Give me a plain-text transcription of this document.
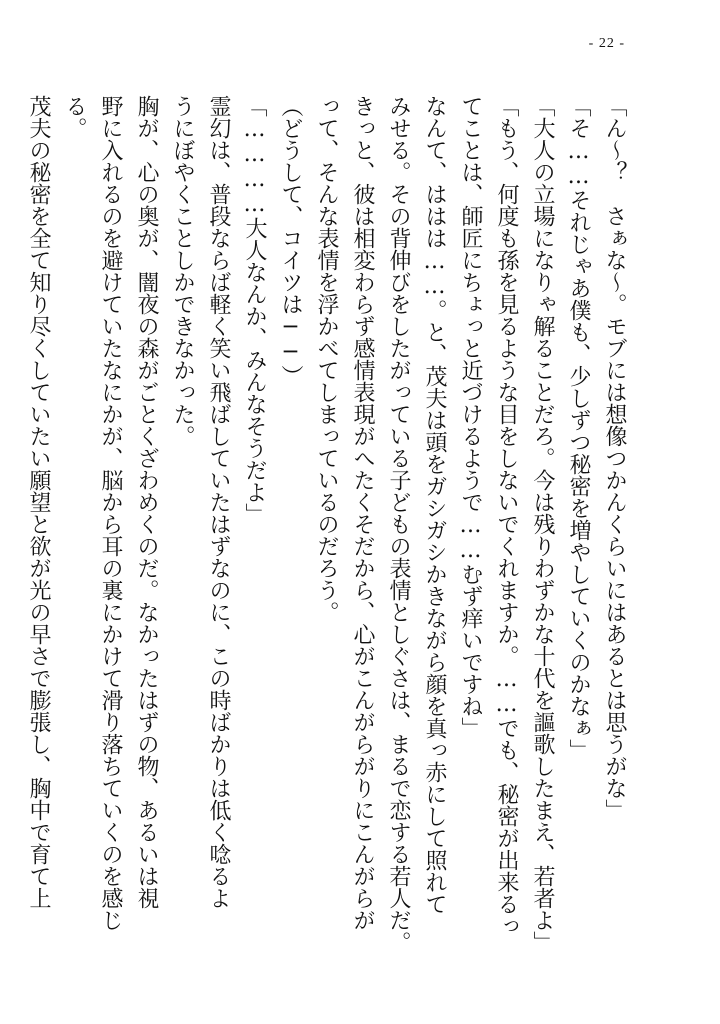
- 22 -
「ん〜？　さぁな〜。モブには想像つかんくらいにはあるとは思うがな」
「そ……それじゃあ僕も、少しずつ秘密を増やしていくのかなぁ」
「大人の立場になりゃ解ることだろ。今は残りわずかな十代を謳歌したまえ、若者よ」
「もう、何度も孫を見るような目をしないでくれますか。……でも、秘密が出来るっ
てことは、師匠にちょっと近づけるようで……むず痒いですね」
なんて、ははは……。と、茂夫は頭をガシガシかきながら顔を真っ赤にして照れて
みせる。その背伸びをしたがっている子どもの表情としぐさは、まるで恋する若人だ。
きっと、彼は相変わらず感情表現がへたくそだから、心がこんがらがりにこんがらが
って、そんな表情を浮かべてしまっているのだろう。
（どうして、コイツは──）
「…………大人なんか、みんなそうだよ」
霊幻は、普段ならば軽く笑い飛ばしていたはずなのに、この時ばかりは低く唸るよ
うにぼやくことしかできなかった。
胸が、心の奥が、闇夜の森がごとくざわめくのだ。なかったはずの物、あるいは視
野に入れるのを避けていたなにかが、脳から耳の裏にかけて滑り落ちていくのを感じ
る。
茂夫の秘密を全て知り尽くしていたい願望と欲が光の早さで膨張し、胸中で育て上
